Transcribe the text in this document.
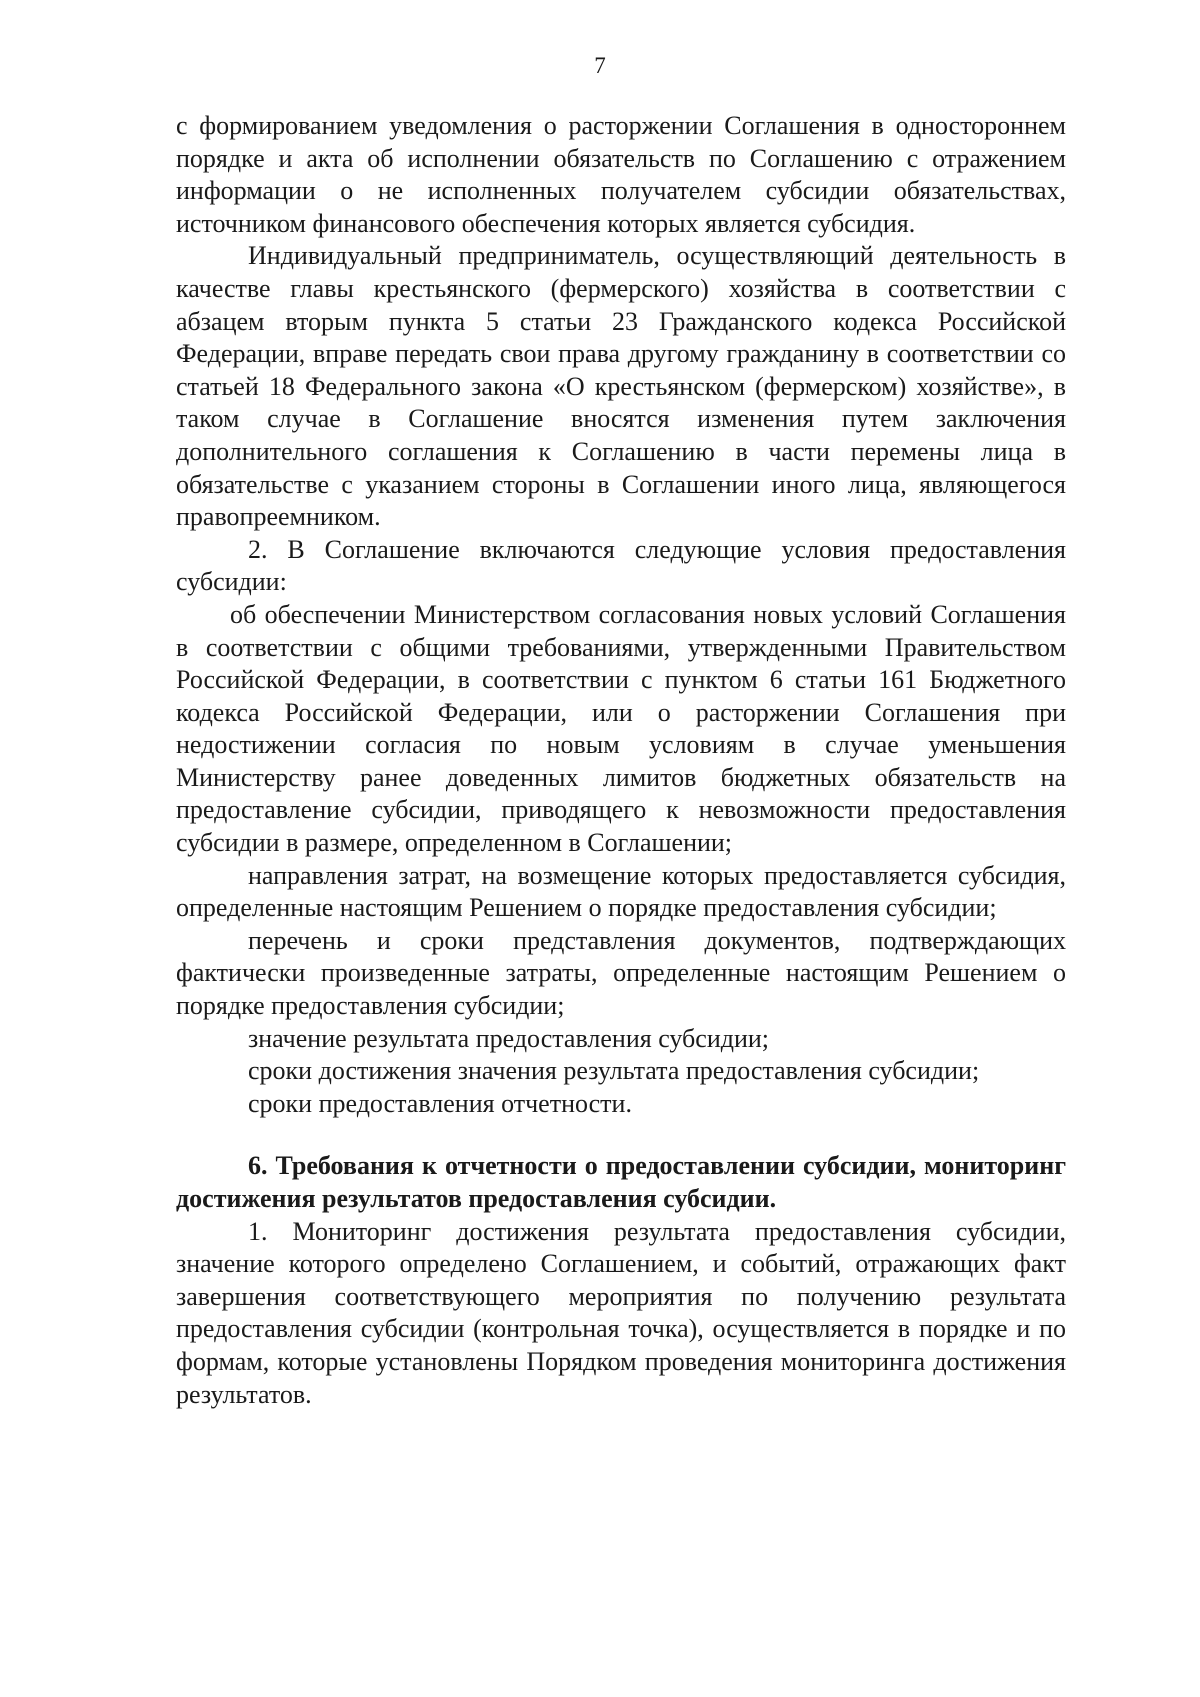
7

с формированием уведомления о расторжении Соглашения в одностороннем порядке и акта об исполнении обязательств по Соглашению с отражением информации о не исполненных получателем субсидии обязательствах, источником финансового обеспечения которых является субсидия.

Индивидуальный предприниматель, осуществляющий деятельность в качестве главы крестьянского (фермерского) хозяйства в соответствии с абзацем вторым пункта 5 статьи 23 Гражданского кодекса Российской Федерации, вправе передать свои права другому гражданину в соответствии со статьей 18 Федерального закона «О крестьянском (фермерском) хозяйстве», в таком случае в Соглашение вносятся изменения путем заключения дополнительного соглашения к Соглашению в части перемены лица в обязательстве с указанием стороны в Соглашении иного лица, являющегося правопреемником.

2. В Соглашение включаются следующие условия предоставления субсидии:

об обеспечении Министерством согласования новых условий Соглашения в соответствии с общими требованиями, утвержденными Правительством Российской Федерации, в соответствии с пунктом 6 статьи 161 Бюджетного кодекса Российской Федерации, или о расторжении Соглашения при недостижении согласия по новым условиям в случае уменьшения Министерству ранее доведенных лимитов бюджетных обязательств на предоставление субсидии, приводящего к невозможности предоставления субсидии в размере, определенном в Соглашении;

направления затрат, на возмещение которых предоставляется субсидия, определенные настоящим Решением о порядке предоставления субсидии;

перечень и сроки представления документов, подтверждающих фактически произведенные затраты, определенные настоящим Решением о порядке предоставления субсидии;

значение результата предоставления субсидии;

сроки достижения значения результата предоставления субсидии;

сроки предоставления отчетности.

6. Требования к отчетности о предоставлении субсидии, мониторинг достижения результатов предоставления субсидии.

1. Мониторинг достижения результата предоставления субсидии, значение которого определено Соглашением, и событий, отражающих факт завершения соответствующего мероприятия по получению результата предоставления субсидии (контрольная точка), осуществляется в порядке и по формам, которые установлены Порядком проведения мониторинга достижения результатов.
